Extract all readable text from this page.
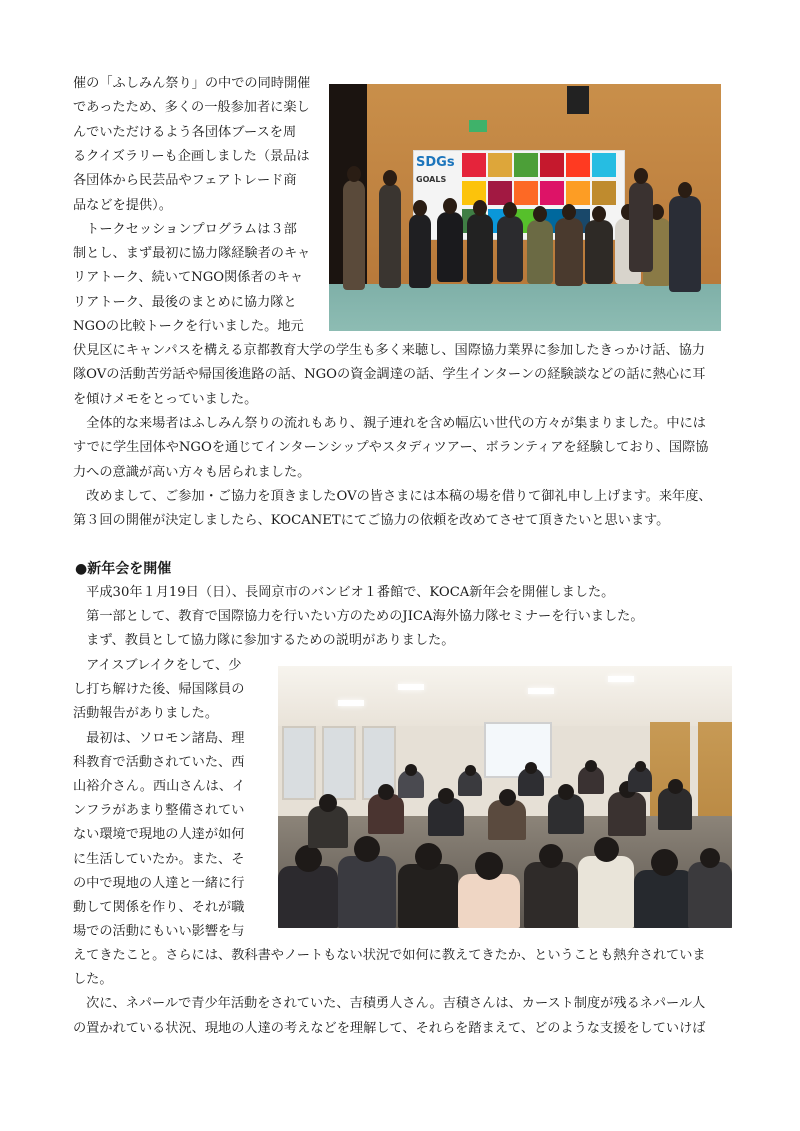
催の「ふしみん祭り」の中での同時開催

であったため、多くの一般参加者に楽し

んでいただけるよう各団体ブースを周

るクイズラリーも企画しました（景品は

各団体から民芸品やフェアトレード商

品などを提供）。

　トークセッションプログラムは３部

制とし、まず最初に協力隊経験者のキャ

リアトーク、続いてNGO関係者のキャ

リアトーク、最後のまとめに協力隊と

NGOの比較トークを行いました。地元

SDGs
GOALS

伏見区にキャンパスを構える京都教育大学の学生も多く来聴し、国際協力業界に参加したきっかけ話、協力

隊OVの活動苦労話や帰国後進路の話、NGOの資金調達の話、学生インターンの経験談などの話に熱心に耳

を傾けメモをとっていました。

　全体的な来場者はふしみん祭りの流れもあり、親子連れを含め幅広い世代の方々が集まりました。中には

すでに学生団体やNGOを通じてインターンシップやスタディツアー、ボランティアを経験しており、国際協

力への意識が高い方々も居られました。

　改めまして、ご参加・ご協力を頂きましたOVの皆さまには本稿の場を借りて御礼申し上げます。来年度、

第３回の開催が決定しましたら、KOCANETにてご協力の依頼を改めてさせて頂きたいと思います。

●新年会を開催

　平成30年１月19日（日）、長岡京市のバンビオ１番館で、KOCA新年会を開催しました。

　第一部として、教育で国際協力を行いたい方のためのJICA海外協力隊セミナーを行いました。

　まず、教員として協力隊に参加するための説明がありました。

　アイスブレイクをして、少

し打ち解けた後、帰国隊員の

活動報告がありました。

　最初は、ソロモン諸島、理

科教育で活動されていた、西

山裕介さん。西山さんは、イ

ンフラがあまり整備されてい

ない環境で現地の人達が如何

に生活していたか。また、そ

の中で現地の人達と一緒に行

動して関係を作り、それが職

場での活動にもいい影響を与

えてきたこと。さらには、教科書やノートもない状況で如何に教えてきたか、ということも熱弁されていま

した。

　次に、ネパールで青少年活動をされていた、吉積勇人さん。吉積さんは、カースト制度が残るネパール人

の置かれている状況、現地の人達の考えなどを理解して、それらを踏まえて、どのような支援をしていけば
